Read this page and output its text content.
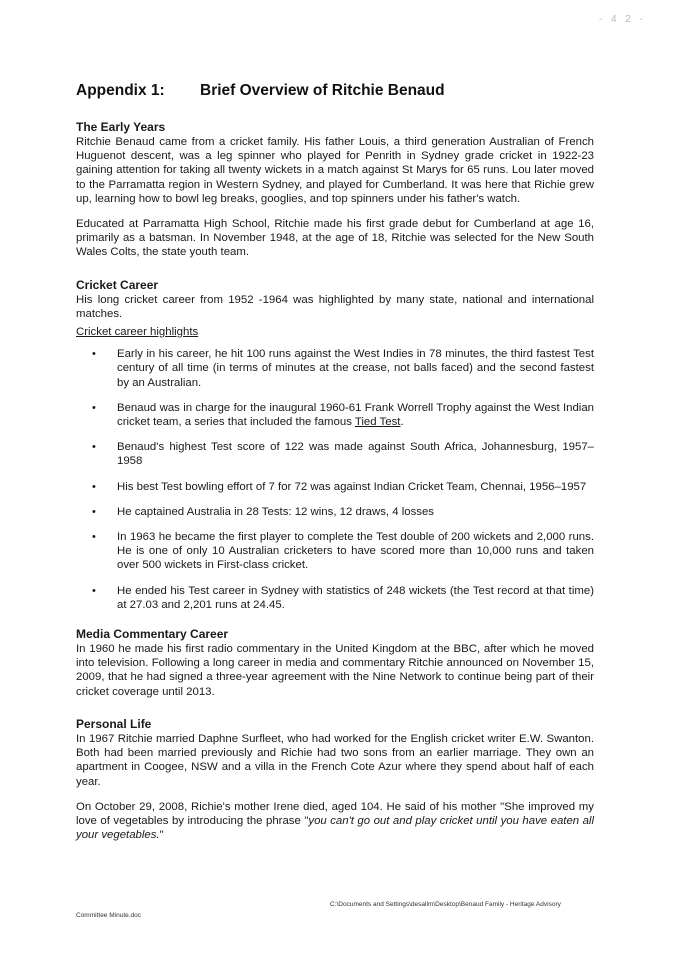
- 4 2 -
Appendix 1: Brief Overview of Ritchie Benaud
The Early Years

Ritchie Benaud came from a cricket family. His father Louis, a third generation Australian of French Huguenot descent, was a leg spinner who played for Penrith in Sydney grade cricket in 1922-23 gaining attention for taking all twenty wickets in a match against St Marys for 65 runs. Lou later moved to the Parramatta region in Western Sydney, and played for Cumberland. It was here that Richie grew up, learning how to bowl leg breaks, googlies, and top spinners under his father's watch.

Educated at Parramatta High School, Ritchie made his first grade debut for Cumberland at age 16, primarily as a batsman. In November 1948, at the age of 18, Ritchie was selected for the New South Wales Colts, the state youth team.

Cricket Career

His long cricket career from 1952 -1964 was highlighted by many state, national and international matches.

Cricket career highlights
• Early in his career, he hit 100 runs against the West Indies in 78 minutes, the third fastest Test century of all time (in terms of minutes at the crease, not balls faced) and the second fastest by an Australian.
• Benaud was in charge for the inaugural 1960-61 Frank Worrell Trophy against the West Indian cricket team, a series that included the famous Tied Test.
• Benaud's highest Test score of 122 was made against South Africa, Johannesburg, 1957–1958
• His best Test bowling effort of 7 for 72 was against Indian Cricket Team, Chennai, 1956–1957
• He captained Australia in 28 Tests: 12 wins, 12 draws, 4 losses
• In 1963 he became the first player to complete the Test double of 200 wickets and 2,000 runs. He is one of only 10 Australian cricketers to have scored more than 10,000 runs and taken over 500 wickets in First-class cricket.
• He ended his Test career in Sydney with statistics of 248 wickets (the Test record at that time) at 27.03 and 2,201 runs at 24.45.
Media Commentary Career

In 1960 he made his first radio commentary in the United Kingdom at the BBC, after which he moved into television. Following a long career in media and commentary Ritchie announced on November 15, 2009, that he had signed a three-year agreement with the Nine Network to continue being part of their cricket coverage until 2013.

Personal Life

In 1967 Ritchie married Daphne Surfleet, who had worked for the English cricket writer E.W. Swanton. Both had been married previously and Richie had two sons from an earlier marriage. They own an apartment in Coogee, NSW and a villa in the French Cote Azur where they spend about half of each year.

On October 29, 2008, Richie's mother Irene died, aged 104. He said of his mother "She improved my love of vegetables by introducing the phrase "you can't go out and play cricket until you have eaten all your vegetables."

C:\Documents and Settings\desallm\Desktop\Benaud Family - Heritage Advisory
Committee Minute.doc
